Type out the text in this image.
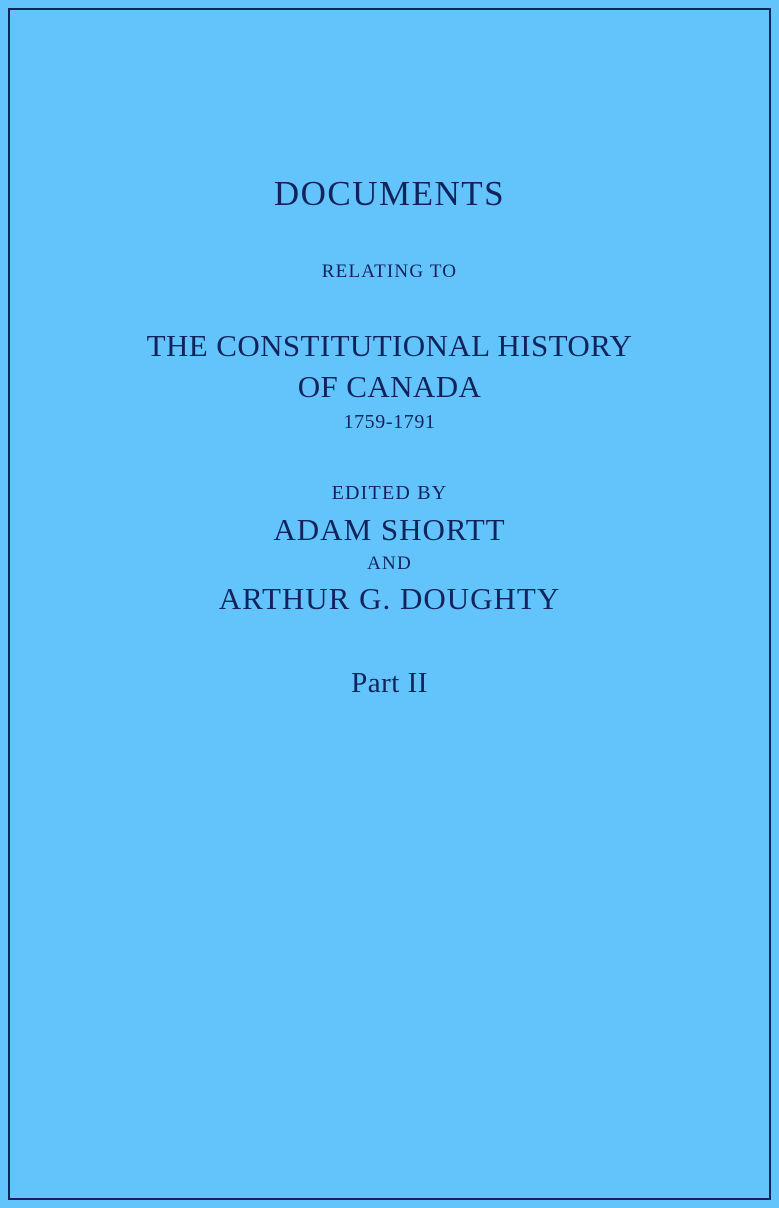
DOCUMENTS
RELATING TO
THE CONSTITUTIONAL HISTORY
OF CANADA
1759-1791
EDITED BY
ADAM SHORTT
AND
ARTHUR G. DOUGHTY
Part II
